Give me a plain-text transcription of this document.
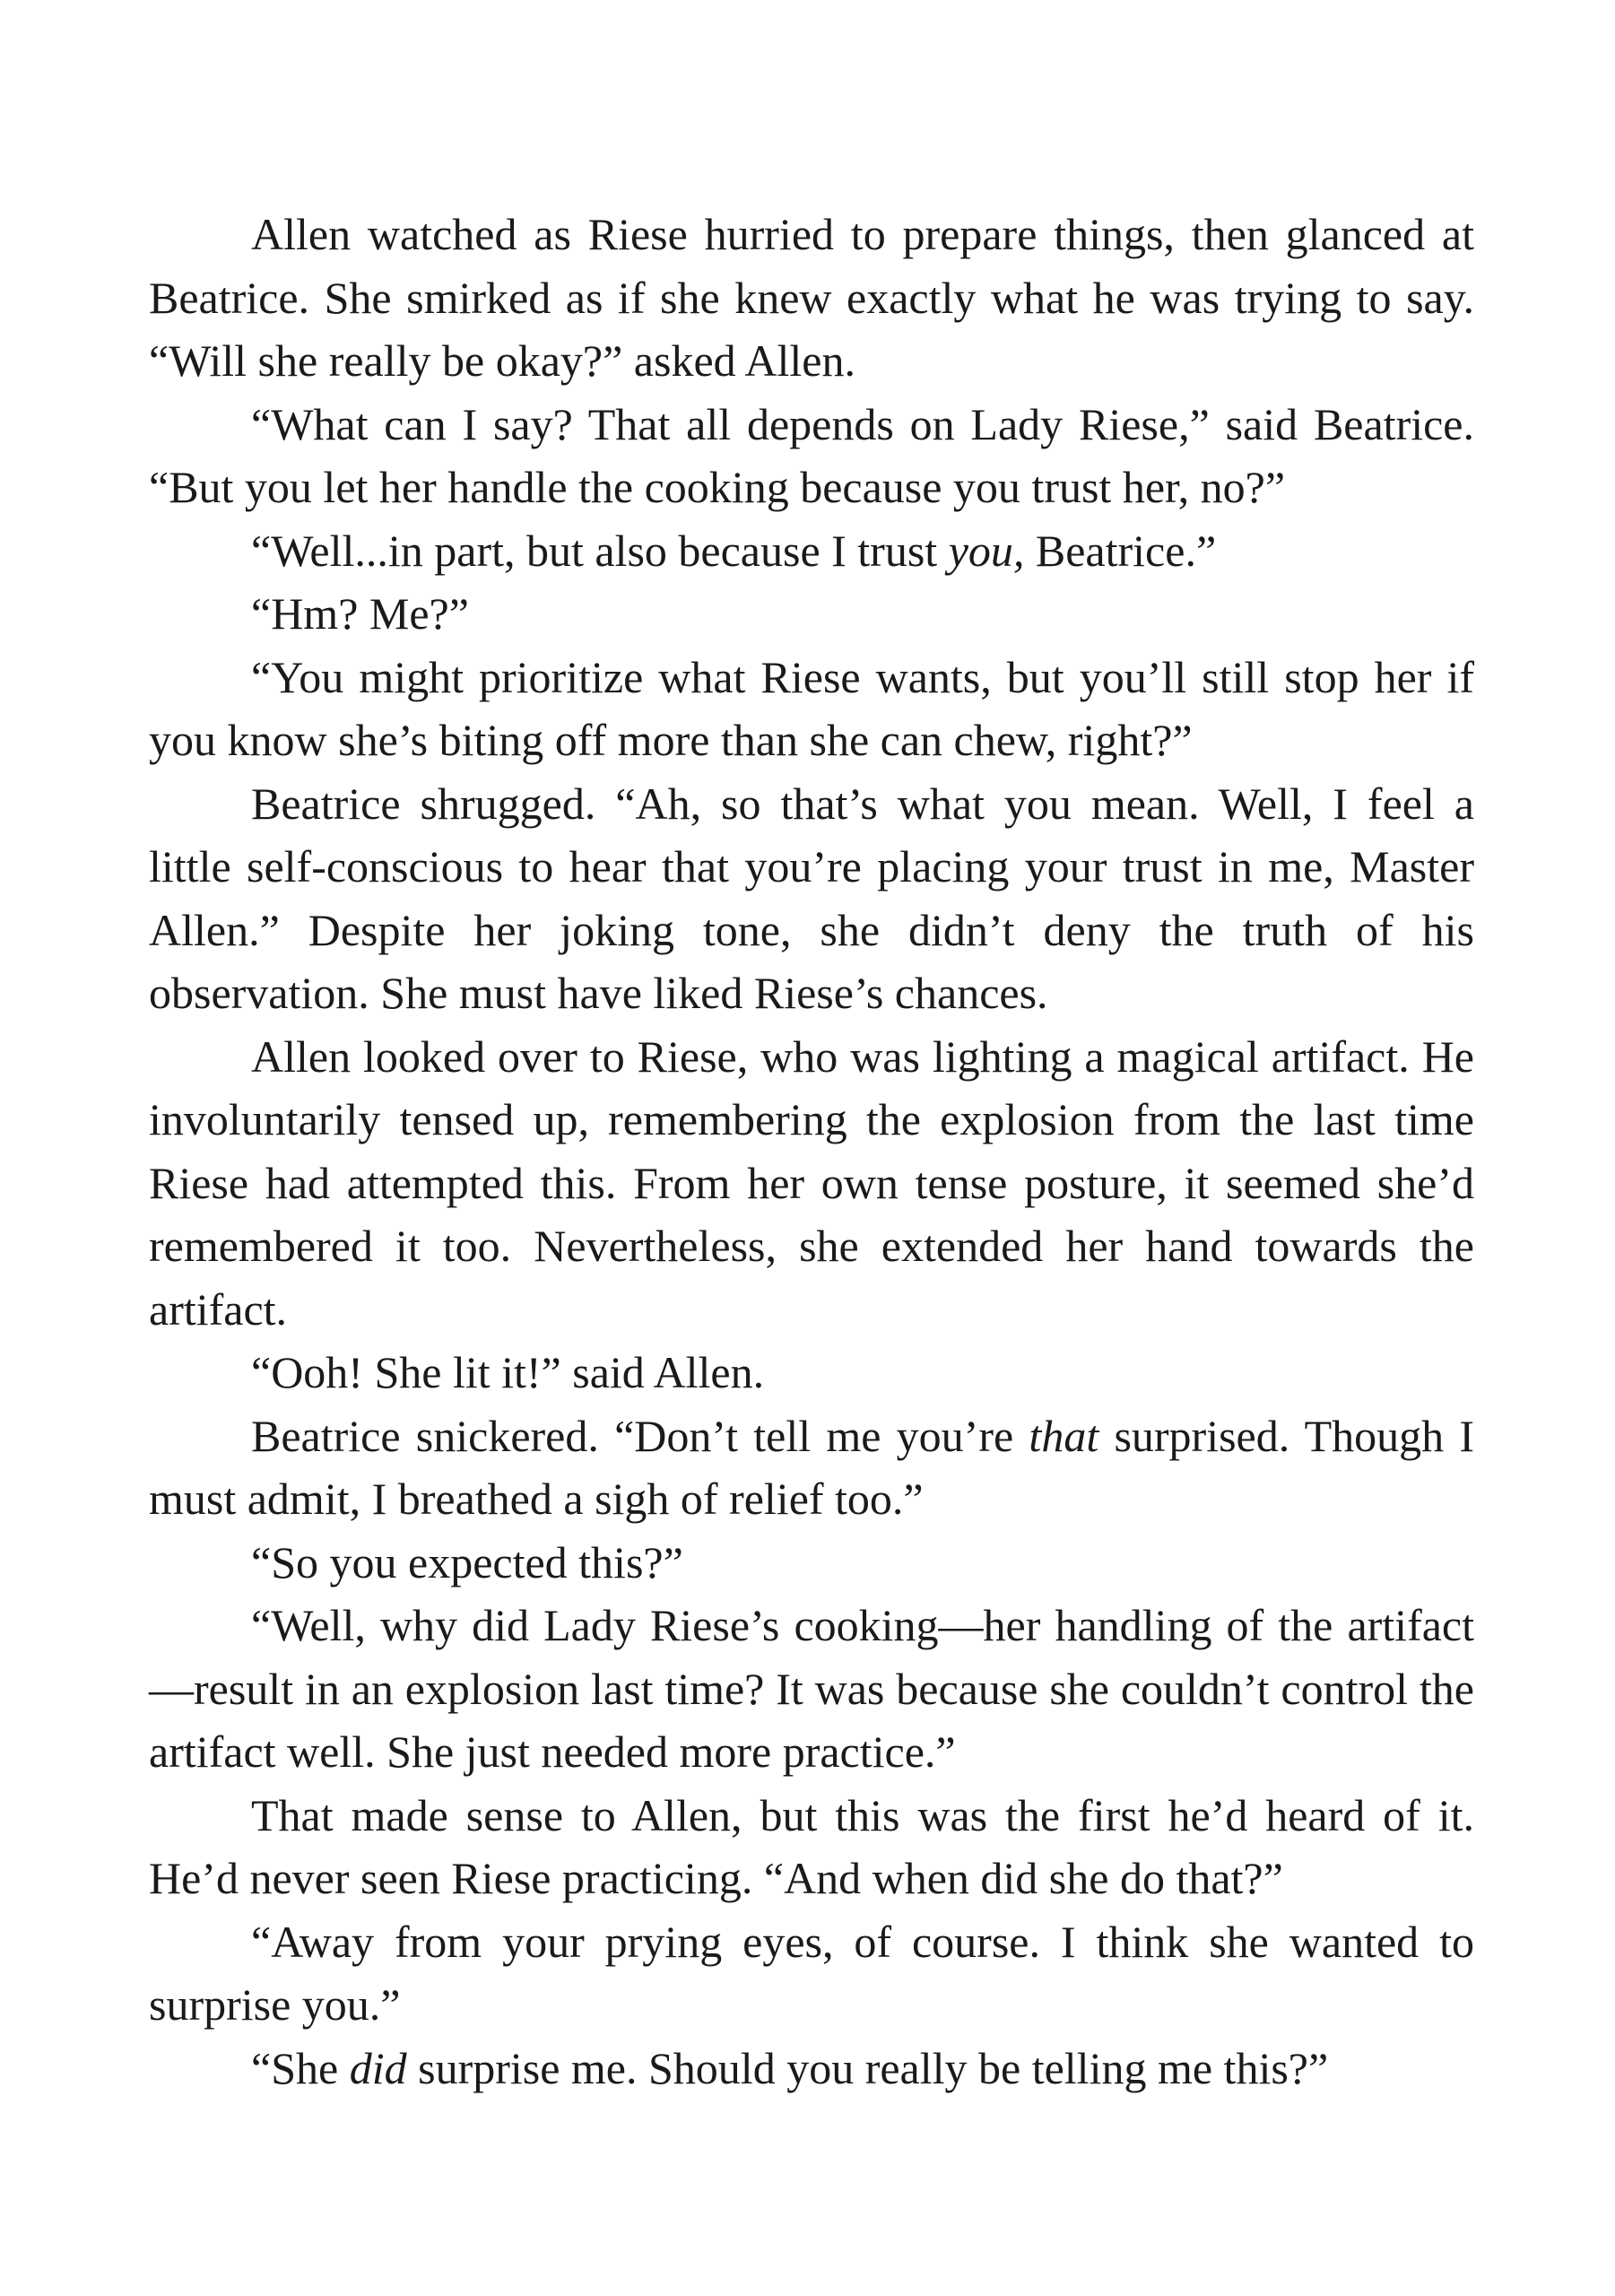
Allen watched as Riese hurried to prepare things, then glanced at Beatrice. She smirked as if she knew exactly what he was trying to say. “Will she really be okay?” asked Allen.

“What can I say? That all depends on Lady Riese,” said Beatrice. “But you let her handle the cooking because you trust her, no?”

“Well...in part, but also because I trust you, Beatrice.”

“Hm? Me?”

“You might prioritize what Riese wants, but you’ll still stop her if you know she’s biting off more than she can chew, right?”

Beatrice shrugged. “Ah, so that’s what you mean. Well, I feel a little self-conscious to hear that you’re placing your trust in me, Master Allen.” Despite her joking tone, she didn’t deny the truth of his observation. She must have liked Riese’s chances.

Allen looked over to Riese, who was lighting a magical artifact. He involuntarily tensed up, remembering the explosion from the last time Riese had attempted this. From her own tense posture, it seemed she’d remembered it too. Nevertheless, she extended her hand towards the artifact.

“Ooh! She lit it!” said Allen.

Beatrice snickered. “Don’t tell me you’re that surprised. Though I must admit, I breathed a sigh of relief too.”

“So you expected this?”

“Well, why did Lady Riese’s cooking—her handling of the artifact—result in an explosion last time? It was because she couldn’t control the artifact well. She just needed more practice.”

That made sense to Allen, but this was the first he’d heard of it. He’d never seen Riese practicing. “And when did she do that?”

“Away from your prying eyes, of course. I think she wanted to surprise you.”

“She did surprise me. Should you really be telling me this?”
